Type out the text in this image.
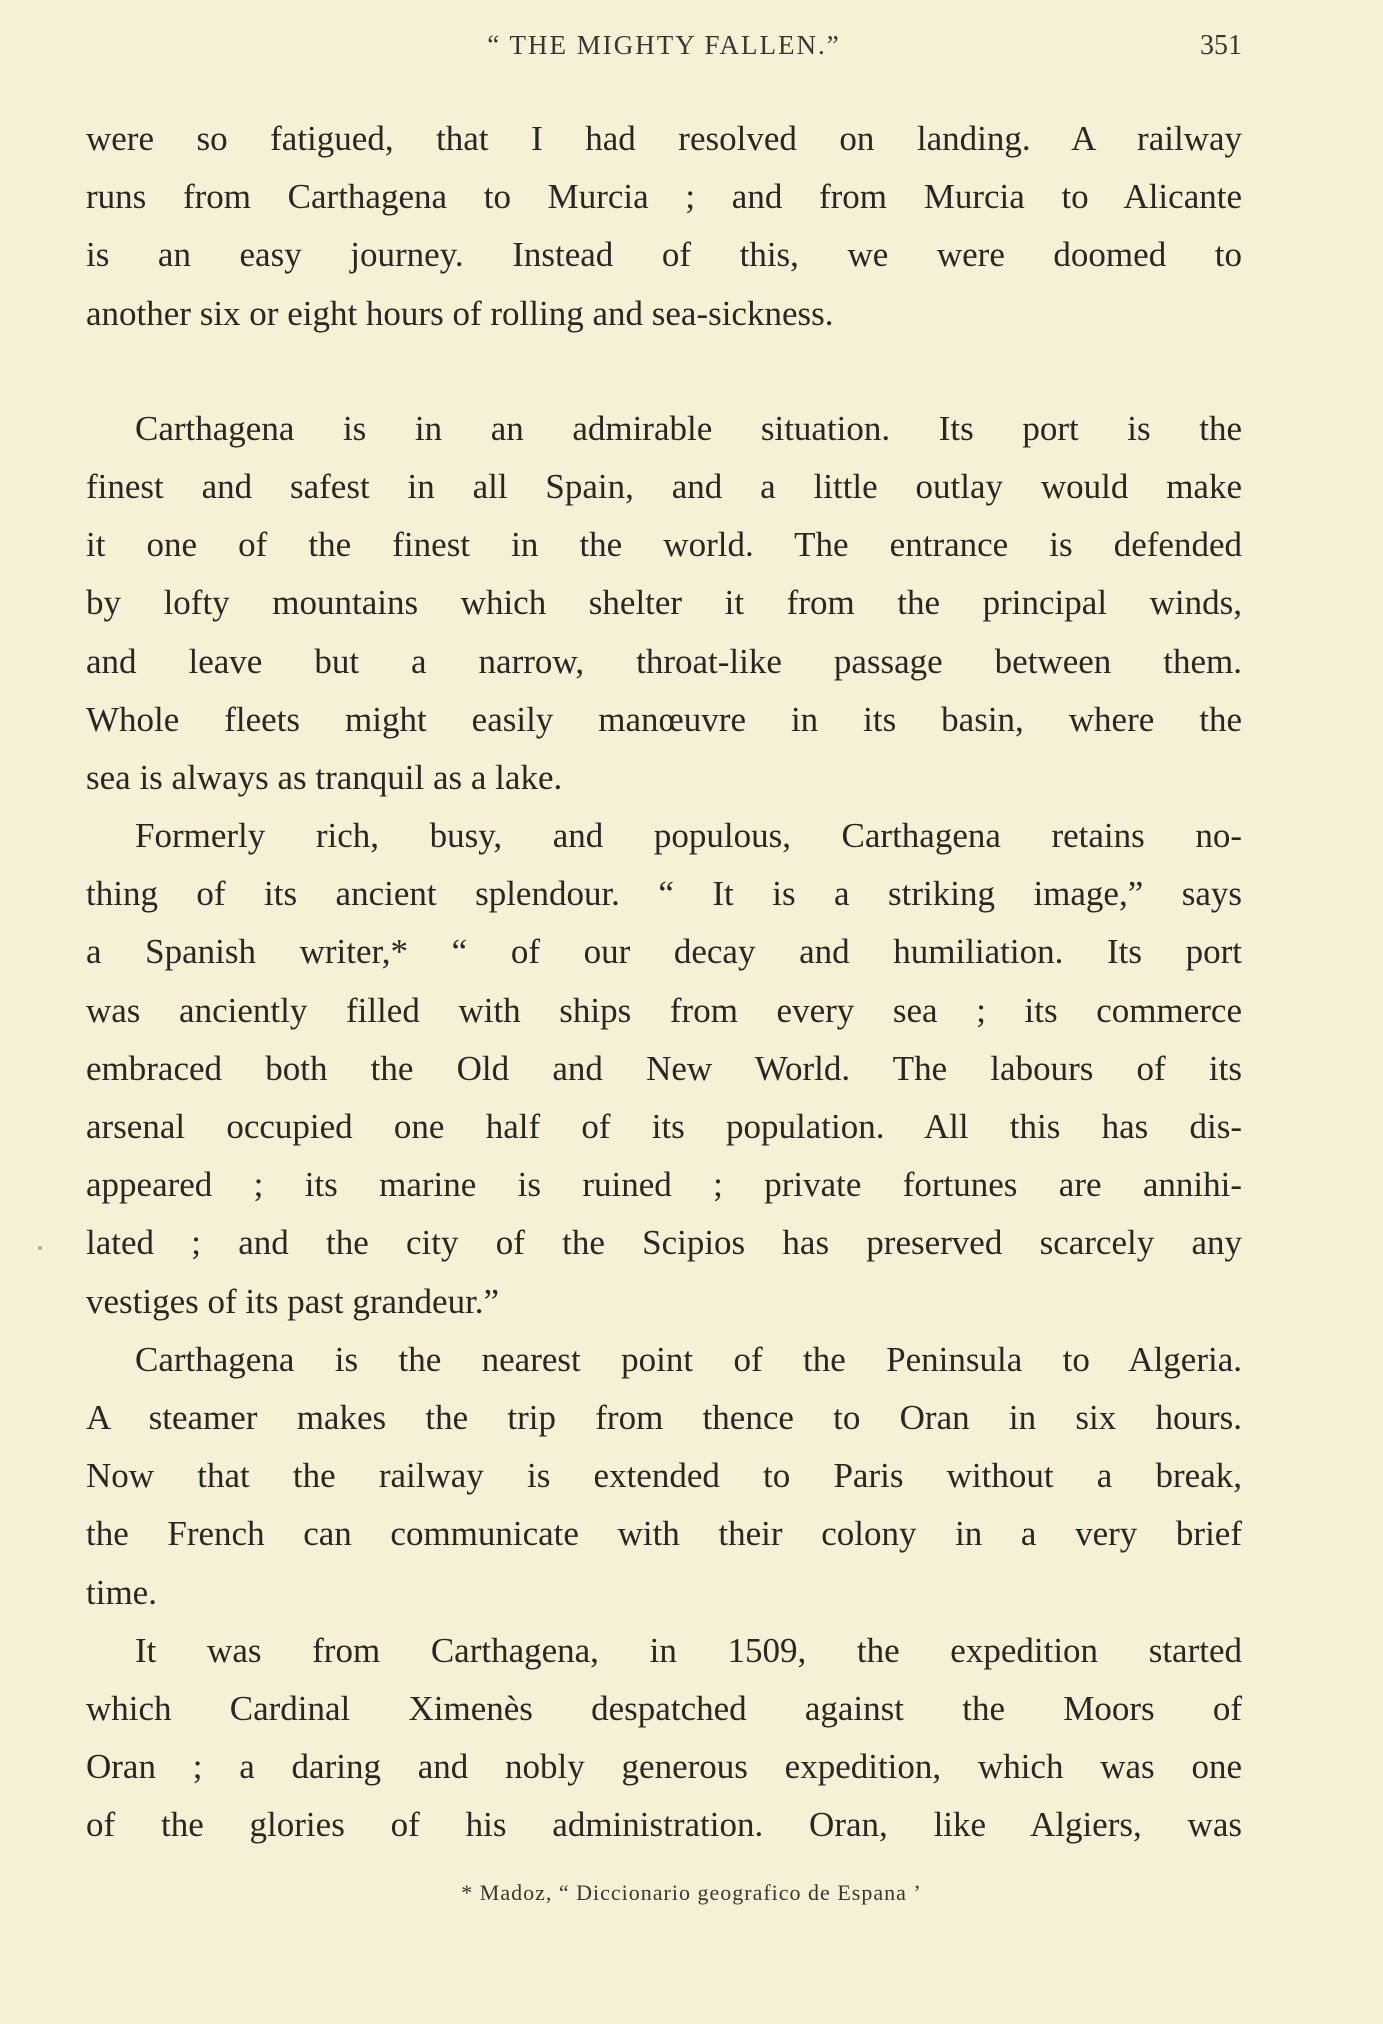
“ THE MIGHTY FALLEN.”	351
were so fatigued, that I had resolved on landing. A railway
runs from Carthagena to Murcia ; and from Murcia to Alicante
is an easy journey. Instead of this, we were doomed to
another six or eight hours of rolling and sea-sickness.
Carthagena is in an admirable situation. Its port is the
finest and safest in all Spain, and a little outlay would make
it one of the finest in the world. The entrance is defended
by lofty mountains which shelter it from the principal winds,
and leave but a narrow, throat-like passage between them.
Whole fleets might easily manœuvre in its basin, where the
sea is always as tranquil as a lake.
Formerly rich, busy, and populous, Carthagena retains no-
thing of its ancient splendour. “ It is a striking image,” says
a Spanish writer,* “ of our decay and humiliation. Its port
was anciently filled with ships from every sea ; its commerce
embraced both the Old and New World. The labours of its
arsenal occupied one half of its population. All this has dis-
appeared ; its marine is ruined ; private fortunes are annihi-
lated ; and the city of the Scipios has preserved scarcely any
vestiges of its past grandeur.”
Carthagena is the nearest point of the Peninsula to Algeria.
A steamer makes the trip from thence to Oran in six hours.
Now that the railway is extended to Paris without a break,
the French can communicate with their colony in a very brief
time.
It was from Carthagena, in 1509, the expedition started
which Cardinal Ximenès despatched against the Moors of
Oran ; a daring and nobly generous expedition, which was one
of the glories of his administration. Oran, like Algiers, was
* Madoz, “ Diccionario geografico de Espana ’
